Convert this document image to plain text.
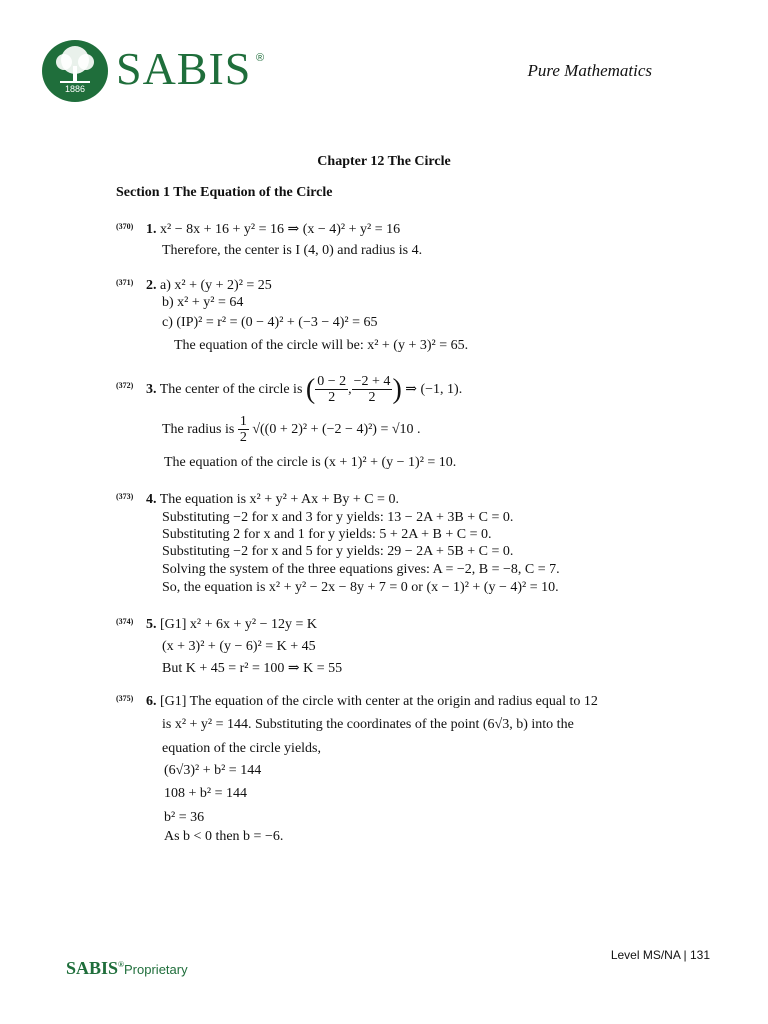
1886 SABIS ®
Pure Mathematics
Chapter 12 The Circle
Section 1 The Equation of the Circle
(370) 1. x² − 8x + 16 + y² = 16 ⇒ (x − 4)² + y² = 16
Therefore, the center is I (4, 0) and radius is 4.
(371) 2. a) x² + (y + 2)² = 25
b) x² + y² = 64
c) (IP)² = r² = (0 − 4)² + (−3 − 4)² = 65
The equation of the circle will be: x² + (y + 3)² = 65.
(372) 3. The center of the circle is ( $\frac{0 - 2}{2}$ , $\frac{-2 + 4}{2}$ ) ⇒ (−1, 1).
The radius is $\frac{1}{2} √((0 + 2)^2 + (-2 - 4)^2) = √10$ .
The equation of the circle is (x + 1)² + (y − 1)² = 10.
(373) 4. The equation is x² + y² + Ax + By + C = 0.
Substituting −2 for x and 3 for y yields: 13 − 2A + 3B + C = 0.
Substituting 2 for x and 1 for y yields: 5 + 2A + B + C = 0.
Substituting −2 for x and 5 for y yields: 29 − 2A + 5B + C = 0.
Solving the system of the three equations gives: A = −2, B = −8, C = 7.
So, the equation is x² + y² − 2x − 8y + 7 = 0 or (x − 1)² + (y − 4)² = 10.
(374) 5. [G1] x² + 6x + y² − 12y = K
(x + 3)² + (y − 6)² = K + 45
But K + 45 = r² = 100 ⇒ K = 55
(375) 6. [G1] The equation of the circle with center at the origin and radius equal to 12
is x² + y² = 144. Substituting the coordinates of the point (6√3, b) into the
equation of the circle yields,
(6√3)² + b² = 144
108 + b² = 144
b² = 36
As b < 0 then b = −6.
Level MS/NA | 131
SABIS®Proprietary
